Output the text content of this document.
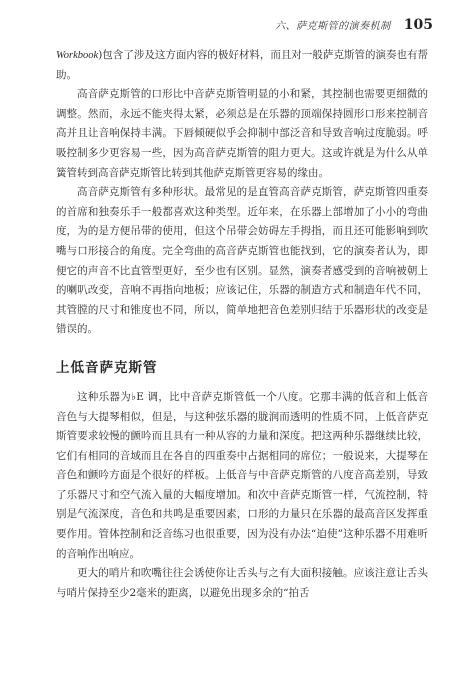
六、萨克斯管的演奏机制 105

Workbook)包含了涉及这方面内容的极好材料，而且对一般萨克斯管的演奏也有帮助。

高音萨克斯管的口形比中音萨克斯管明显的小和紧，其控制也需要更细微的调整。然而，永远不能夹得太紧，必须总是在乐器的顶端保持圆形口形来控制音高并且让音响保持丰满。下唇倾硬似乎会抑制中部泛音和导致音响过度脆弱。呼吸控制多少更容易一些，因为高音萨克斯管的阻力更大。这或许就是为什么从单簧管转到高音萨克斯管比转到其他萨克斯管更容易的缘由。

高音萨克斯管有多种形状。最常见的是直管高音萨克斯管，萨克斯管四重奏的首席和独奏乐手一般都喜欢这种类型。近年来，在乐器上部增加了小小的弯曲度，为的是方便吊带的使用，但这个吊带会妨碍左手拇指，而且还可能影响到吹嘴与口形接合的角度。完全弯曲的高音萨克斯管也能找到，它的演奏者认为，即便它的声音不比直管型更好，至少也有区别。显然，演奏者感受到的音响被朝上的喇叭改变，音响不再指向地板；应该记住，乐器的制造方式和制造年代不同，其管膛的尺寸和锥度也不同，所以，简单地把音色差别归结于乐器形状的改变是错误的。

上低音萨克斯管

这种乐器为♭E 调，比中音萨克斯管低一个八度。它那丰满的低音和上低音音色与大提琴相似，但是，与这种弦乐器的胧润而透明的性质不同，上低音萨克斯管要求较慢的颤吟而且具有一种从容的力量和深度。把这两种乐器继续比较，它们有相同的音域而且在各自的四重奏中占据相同的席位；一般说来，大提琴在音色和颤吟方面是个很好的样板。上低音与中音萨克斯管的八度音高差别，导致了乐器尺寸和空气流入量的大幅度增加。和次中音萨克斯管一样，气流控制，特别是气流深度，音色和共鸣是重要因素，口形的力量只在乐器的最高音区发挥重要作用。管体控制和泛音练习也很重要，因为没有办法“迫使”这种乐器不用难听的音响作出响应。

更大的哨片和吹嘴往往会诱使你让舌头与之有大面积接触。应该注意让舌头与哨片保持至少2毫米的距离，以避免出现多余的“拍舌
